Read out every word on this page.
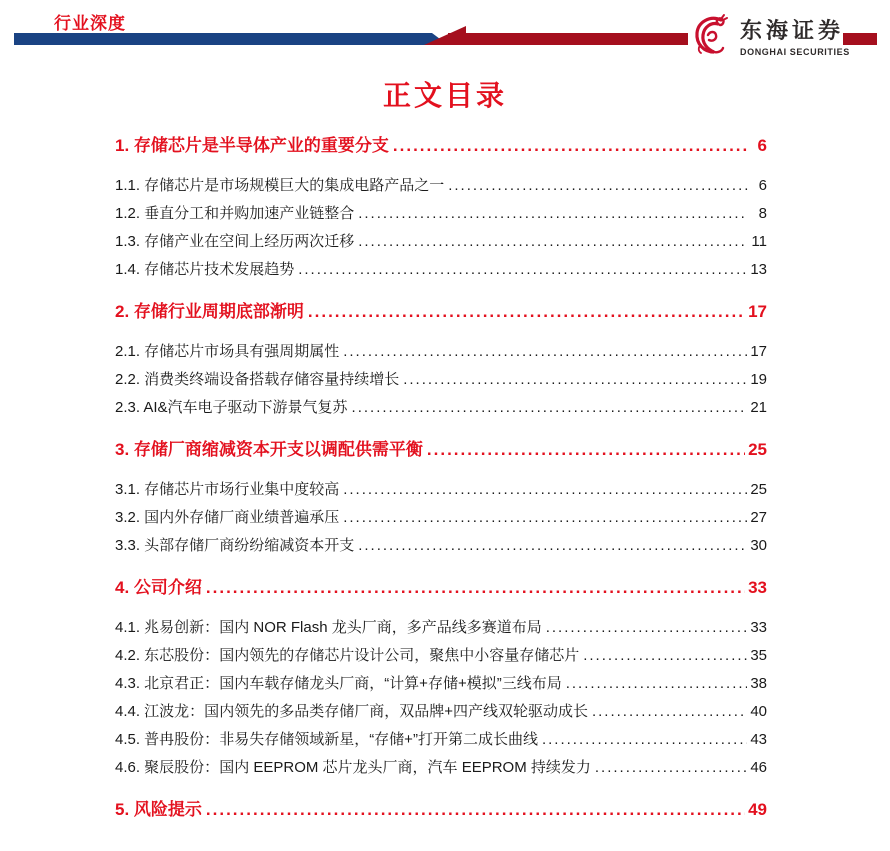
行业深度	东海证券
DONGHAI SECURITIES
正文目录
1. 存储芯片是半导体产业的重要分支 .....	6
1.1. 存储芯片是市场规模巨大的集成电路产品之一 .....	6
1.2. 垂直分工和并购加速产业链整合 .....	8
1.3. 存储产业在空间上经历两次迁移 .....	11
1.4. 存储芯片技术发展趋势 .....	13
2. 存储行业周期底部渐明 .....	17
2.1. 存储芯片市场具有强周期属性 .....	17
2.2. 消费类终端设备搭载存储容量持续增长 .....	19
2.3. AI&汽车电子驱动下游景气复苏 .....	21
3. 存储厂商缩减资本开支以调配供需平衡 .....	25
3.1. 存储芯片市场行业集中度较高 .....	25
3.2. 国内外存储厂商业绩普遍承压 .....	27
3.3. 头部存储厂商纷纷缩减资本开支 .....	30
4. 公司介绍 .....	33
4.1. 兆易创新：国内 NOR Flash 龙头厂商，多产品线多赛道布局 .....	33
4.2. 东芯股份：国内领先的存储芯片设计公司，聚焦中小容量存储芯片 .....	35
4.3. 北京君正：国内车载存储龙头厂商，“计算+存储+模拟”三线布局 .....	38
4.4. 江波龙：国内领先的多品类存储厂商，双品牌+四产线双轮驱动成长 .....	40
4.5. 普冉股份：非易失存储领域新星，“存储+”打开第二成长曲线 .....	43
4.6. 聚辰股份：国内 EEPROM 芯片龙头厂商，汽车 EEPROM 持续发力 .....	46
5. 风险提示 .....	49
